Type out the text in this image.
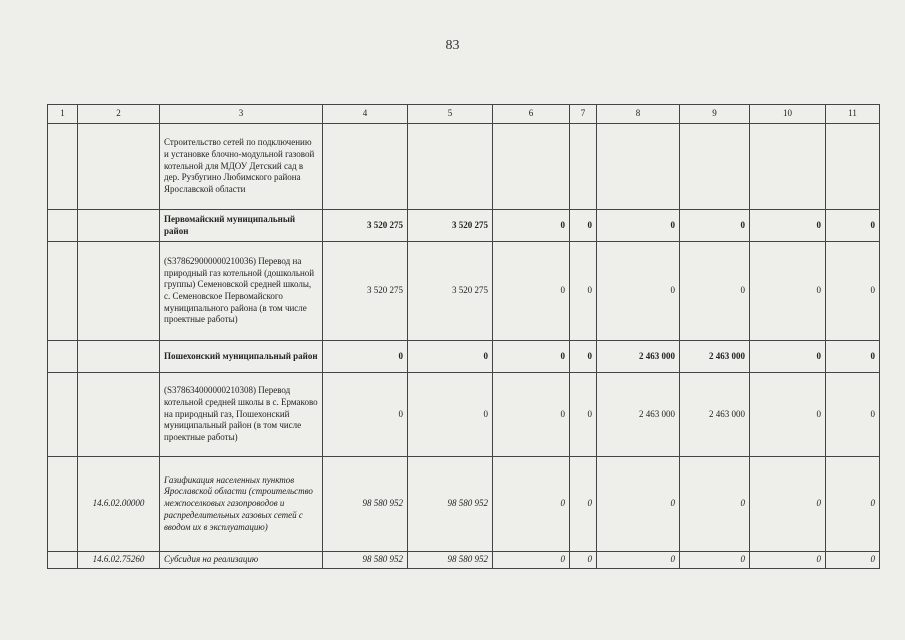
83
1	2	3	4	5	6	7	8	9	10	11
		Строительство сетей по подключению и установке блочно-модульной газовой котельной для МДОУ Детский сад в дер. Рузбугино Любимского района Ярославской области								
		Первомайский муниципальный район	3 520 275	3 520 275	0	0	0	0	0	0
		(S378629000000210036) Перевод на природный газ котельной (дошкольной группы) Семеновской средней школы, с. Семеновское Первомайского муниципального района (в том числе проектные работы)	3 520 275	3 520 275	0	0	0	0	0	0
		Пошехонский муниципальный район	0	0	0	0	2 463 000	2 463 000	0	0
		(S378634000000210308) Перевод котельной средней школы в с. Ермаково на природный газ, Пошехонский муниципальный район (в том числе проектные работы)	0	0	0	0	2 463 000	2 463 000	0	0
	14.6.02.00000	Газификация населенных пунктов Ярославской области (строительство межпоселковых газопроводов и распределительных газовых сетей с вводом их в эксплуатацию)	98 580 952	98 580 952	0	0	0	0	0	0
	14.6.02.75260	Субсидия на реализацию	98 580 952	98 580 952	0	0	0	0	0	0
